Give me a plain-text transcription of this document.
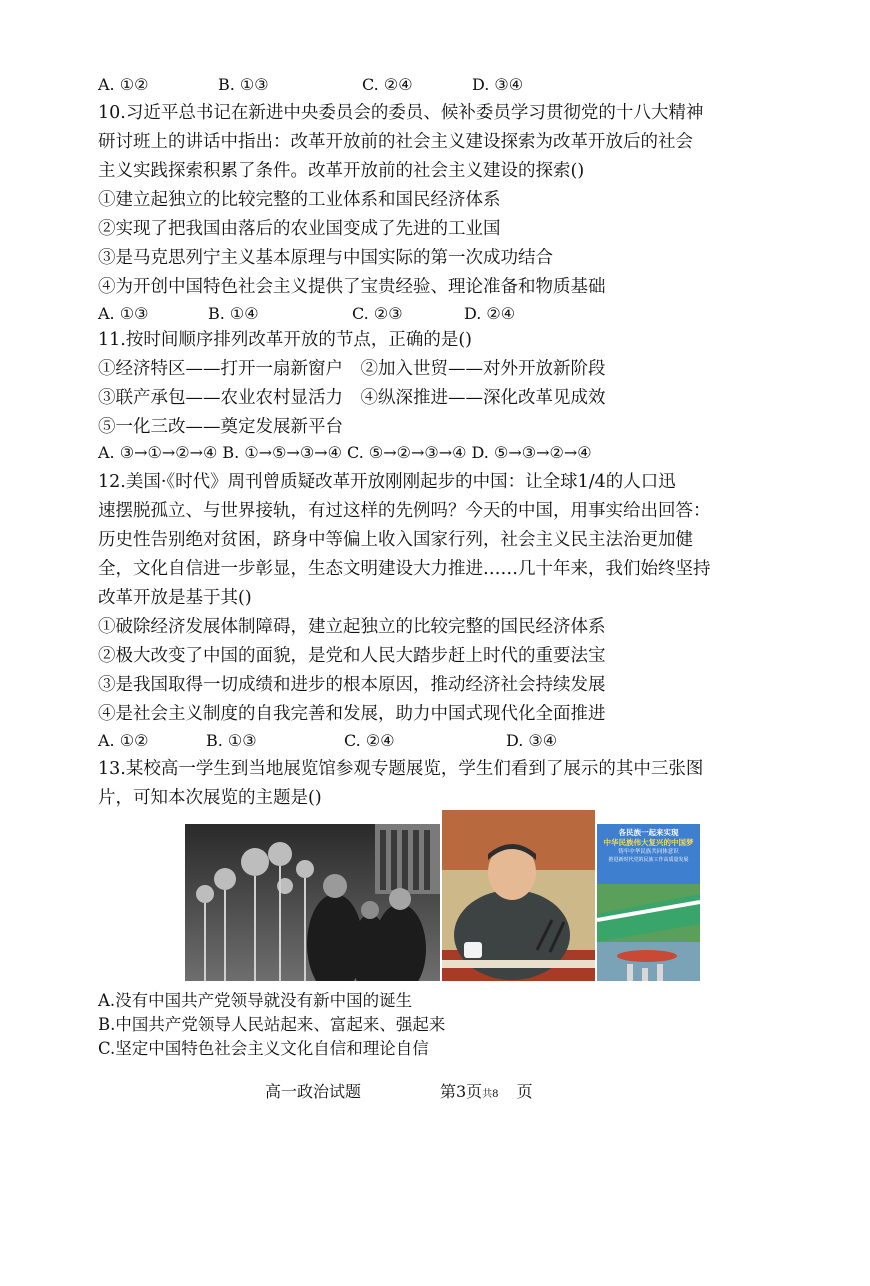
A. ①②	B. ①③	C. ②④	D. ③④
10.习近平总书记在新进中央委员会的委员、候补委员学习贯彻党的十八大精神
研讨班上的讲话中指出：改革开放前的社会主义建设探索为改革开放后的社会
主义实践探索积累了条件。改革开放前的社会主义建设的探索()
①建立起独立的比较完整的工业体系和国民经济体系
②实现了把我国由落后的农业国变成了先进的工业国
③是马克思列宁主义基本原理与中国实际的第一次成功结合
④为开创中国特色社会主义提供了宝贵经验、理论准备和物质基础
A. ①③	B. ①④	C. ②③	D. ②④
11.按时间顺序排列改革开放的节点，正确的是()
①经济特区——打开一扇新窗户　②加入世贸——对外开放新阶段
③联产承包——农业农村显活力　④纵深推进——深化改革见成效
⑤一化三改——奠定发展新平台
A. ③→①→②→④ B. ①→⑤→③→④ C. ⑤→②→③→④ D. ⑤→③→②→④
12.美国·《时代》周刊曾质疑改革开放刚刚起步的中国：让全球1/4的人口迅
速摆脱孤立、与世界接轨，有过这样的先例吗？今天的中国，用事实给出回答：
历史性告别绝对贫困，跻身中等偏上收入国家行列，社会主义民主法治更加健
全，文化自信进一步彰显，生态文明建设大力推进……几十年来，我们始终坚持
改革开放是基于其()
①破除经济发展体制障碍，建立起独立的比较完整的国民经济体系
②极大改变了中国的面貌，是党和人民大踏步赶上时代的重要法宝
③是我国取得一切成绩和进步的根本原因，推动经济社会持续发展
④是社会主义制度的自我完善和发展，助力中国式现代化全面推进
A. ①②	B. ①③	C. ②④	D. ③④
13.某校高一学生到当地展览馆参观专题展览，学生们看到了展示的其中三张图
片，可知本次展览的主题是()
各民族一起来实现
中华民族伟大复兴的中国梦
铸牢中华民族共同体意识
推进新时代党的民族工作高质量发展
A.没有中国共产党领导就没有新中国的诞生
B.中国共产党领导人民站起来、富起来、强起来
C.坚定中国特色社会主义文化自信和理论自信
高一政治试题	第3页共8 页
